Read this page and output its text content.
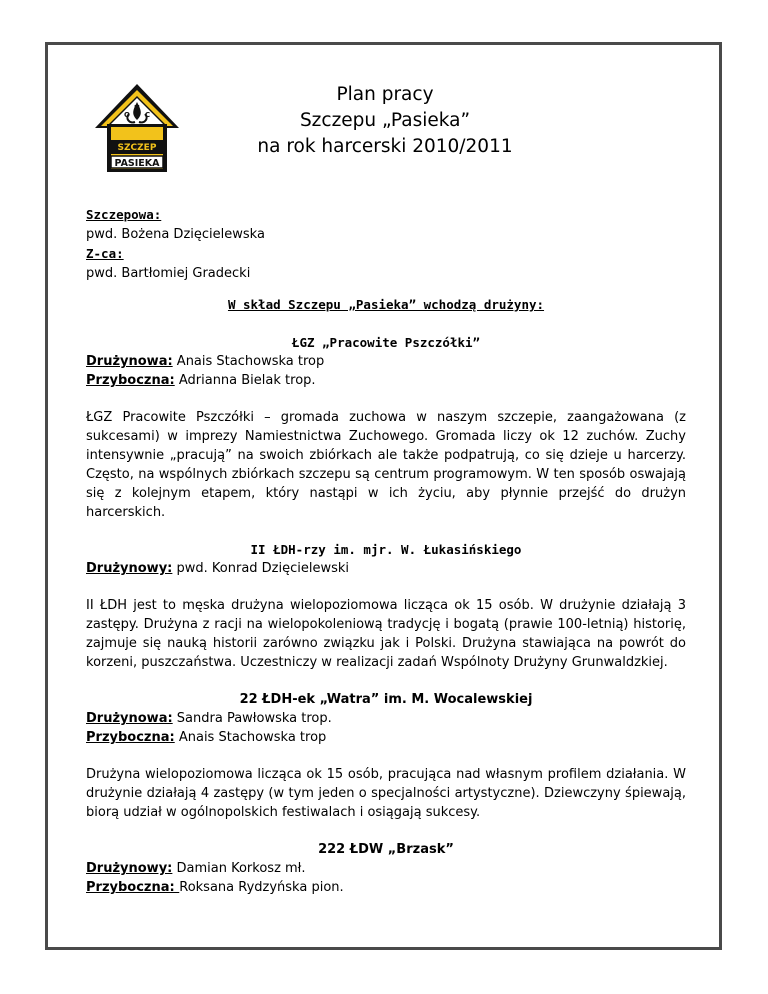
O
N
C
SZCZEP
PASIEKA
Plan pracy
Szczepu „Pasieka”
na rok harcerski 2010/2011
Szczepowa:
pwd. Bożena Dzięcielewska
Z-ca:
pwd. Bartłomiej Gradecki
W skład Szczepu „Pasieka” wchodzą drużyny:
ŁGZ „Pracowite Pszczółki”
Drużynowa: Anais Stachowska trop
Przyboczna: Adrianna Bielak trop.
ŁGZ Pracowite Pszczółki – gromada zuchowa w naszym szczepie, zaangażowana (z sukcesami) w imprezy Namiestnictwa Zuchowego. Gromada liczy ok 12 zuchów. Zuchy intensywnie „pracują” na swoich zbiórkach ale także podpatrują, co się dzieje u harcerzy. Często, na wspólnych zbiórkach szczepu są centrum programowym. W ten sposób oswajają się z kolejnym etapem, który nastąpi w ich życiu, aby płynnie przejść do drużyn harcerskich.
II ŁDH-rzy im. mjr. W. Łukasińskiego
Drużynowy: pwd. Konrad Dzięcielewski
II ŁDH jest to męska drużyna wielopoziomowa licząca ok 15 osób. W drużynie działają 3 zastępy. Drużyna z racji na wielopokoleniową tradycję i bogatą (prawie 100-letnią) historię, zajmuje się nauką historii zarówno związku jak i Polski. Drużyna stawiająca na powrót do korzeni, puszczaństwa. Uczestniczy w realizacji zadań Wspólnoty Drużyny Grunwaldzkiej.
22 ŁDH-ek „Watra” im. M. Wocalewskiej
Drużynowa: Sandra Pawłowska trop.
Przyboczna: Anais Stachowska trop
Drużyna wielopoziomowa licząca ok 15 osób, pracująca nad własnym profilem działania. W drużynie działają 4 zastępy (w tym jeden o specjalności artystyczne). Dziewczyny śpiewają, biorą udział w ogólnopolskich festiwalach i osiągają sukcesy.
222 ŁDW „Brzask”
Drużynowy: Damian Korkosz mł.
Przyboczna: Roksana Rydzyńska pion.
